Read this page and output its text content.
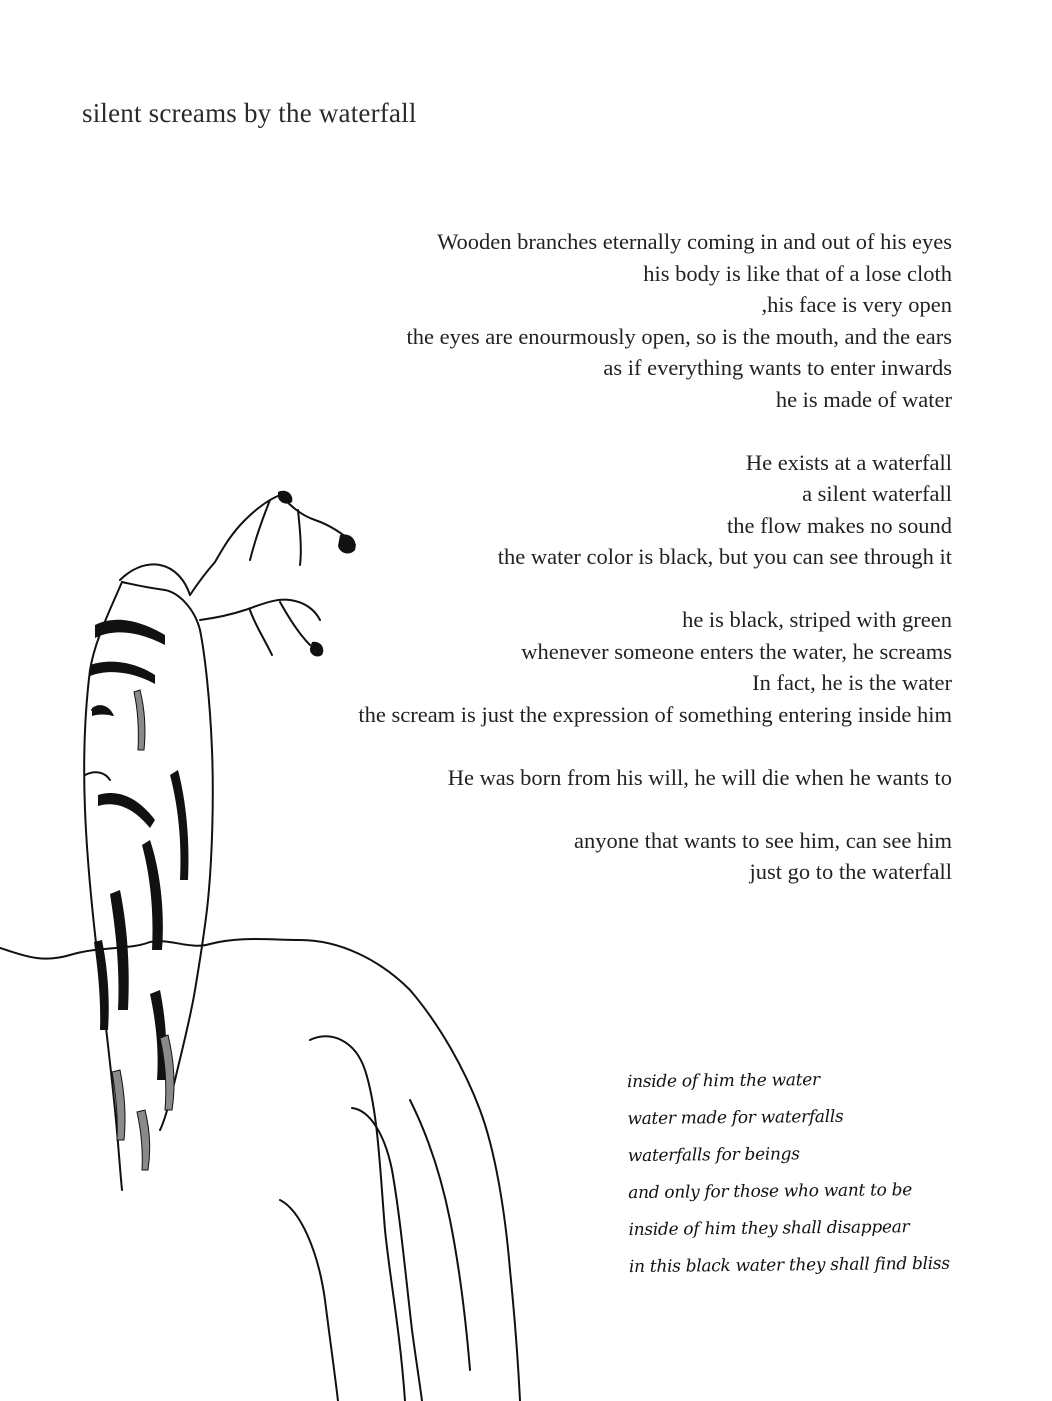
silent screams by the waterfall
Wooden branches eternally coming in and out of his eyes
his body is like that of a lose cloth
,his face is very open
the eyes are enourmously open, so is the mouth, and the ears
as if everything wants to enter inwards
he is made of water
He exists at a waterfall
a silent waterfall
the flow makes no sound
the water color is black, but you can see through it
he is black, striped with green
whenever someone enters the water, he screams
In fact, he is the water
the scream is just the expression of something entering inside him
He was born from his will, he will die when he wants to
anyone that wants to see him, can see him
just go to the waterfall
inside of him the water
water made for waterfalls
waterfalls for beings
and only for those who want to be
inside of him they shall disappear
in this black water they shall find bliss
